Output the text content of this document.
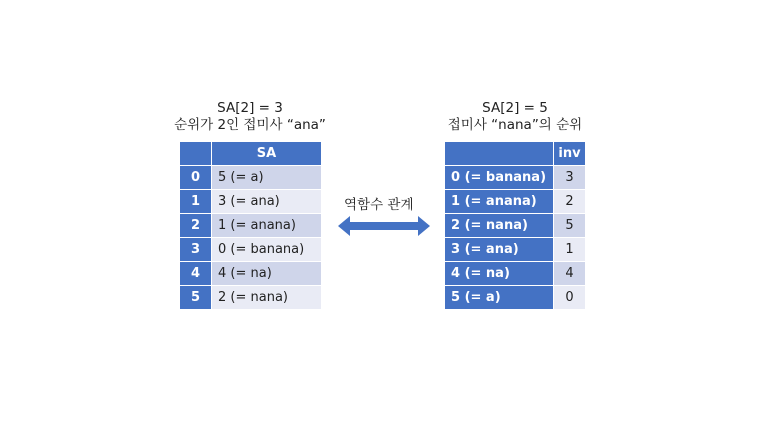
SA[2] = 3
순위가 2인 접미사 “ana”
	SA
0	5 (= a)
1	3 (= ana)
2	1 (= anana)
3	0 (= banana)
4	4 (= na)
5	2 (= nana)
역함수 관계
SA[2] = 5
접미사 “nana”의 순위
	inv
0 (= banana)	3
1 (= anana)	2
2 (= nana)	5
3 (= ana)	1
4 (= na)	4
5 (= a)	0
